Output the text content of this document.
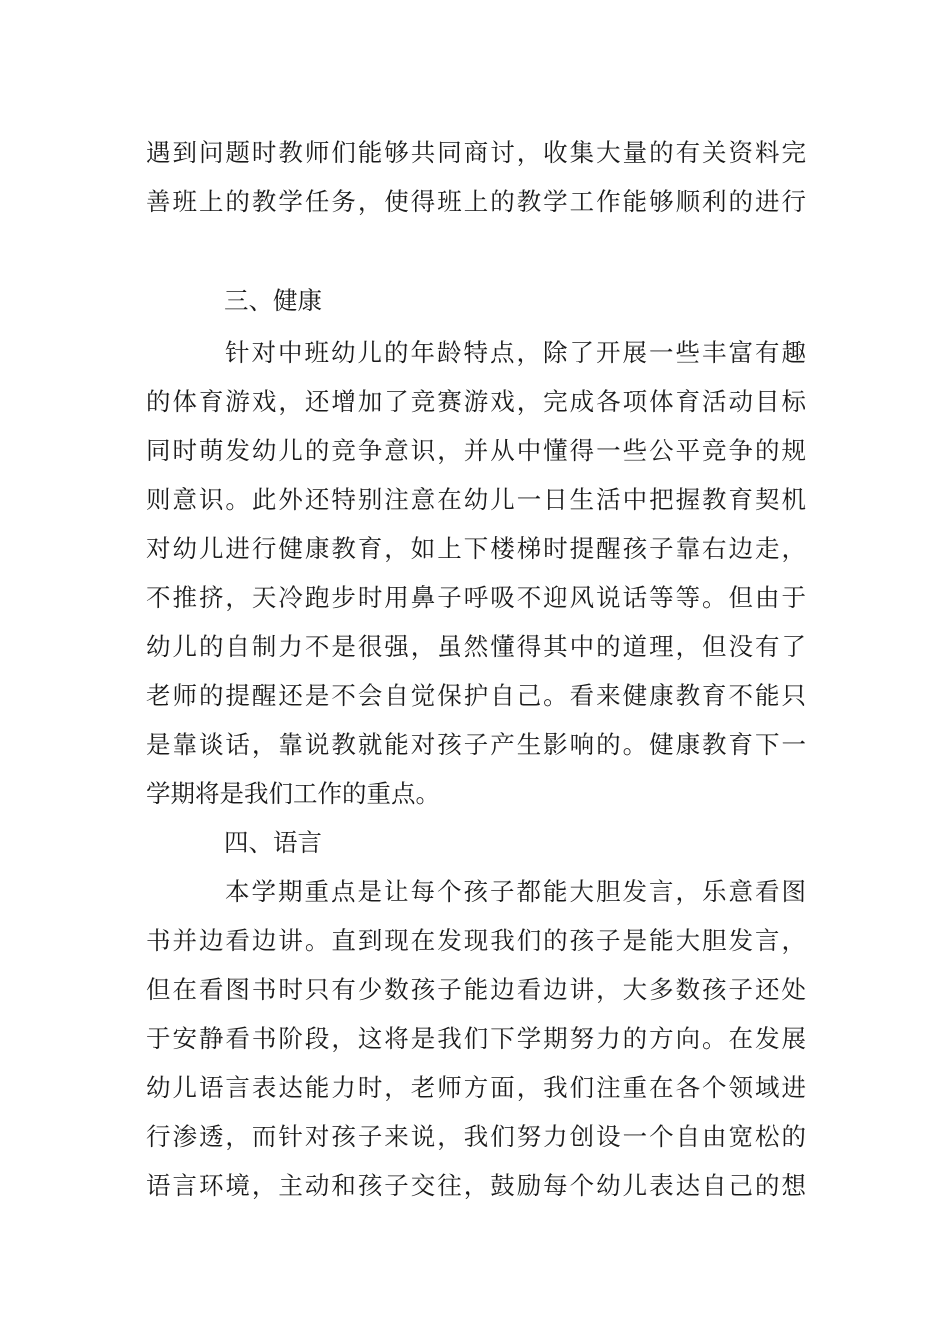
遇到问题时教师们能够共同商讨，收集大量的有关资料完
善班上的教学任务，使得班上的教学工作能够顺利的进行
三、健康
针对中班幼儿的年龄特点，除了开展一些丰富有趣
的体育游戏，还增加了竞赛游戏，完成各项体育活动目标
同时萌发幼儿的竞争意识，并从中懂得一些公平竞争的规
则意识。此外还特别注意在幼儿一日生活中把握教育契机
对幼儿进行健康教育，如上下楼梯时提醒孩子靠右边走，
不推挤，天冷跑步时用鼻子呼吸不迎风说话等等。但由于
幼儿的自制力不是很强，虽然懂得其中的道理，但没有了
老师的提醒还是不会自觉保护自己。看来健康教育不能只
是靠谈话，靠说教就能对孩子产生影响的。健康教育下一
学期将是我们工作的重点。
四、语言
本学期重点是让每个孩子都能大胆发言，乐意看图
书并边看边讲。直到现在发现我们的孩子是能大胆发言，
但在看图书时只有少数孩子能边看边讲，大多数孩子还处
于安静看书阶段，这将是我们下学期努力的方向。在发展
幼儿语言表达能力时，老师方面，我们注重在各个领域进
行渗透，而针对孩子来说，我们努力创设一个自由宽松的
语言环境，主动和孩子交往，鼓励每个幼儿表达自己的想
